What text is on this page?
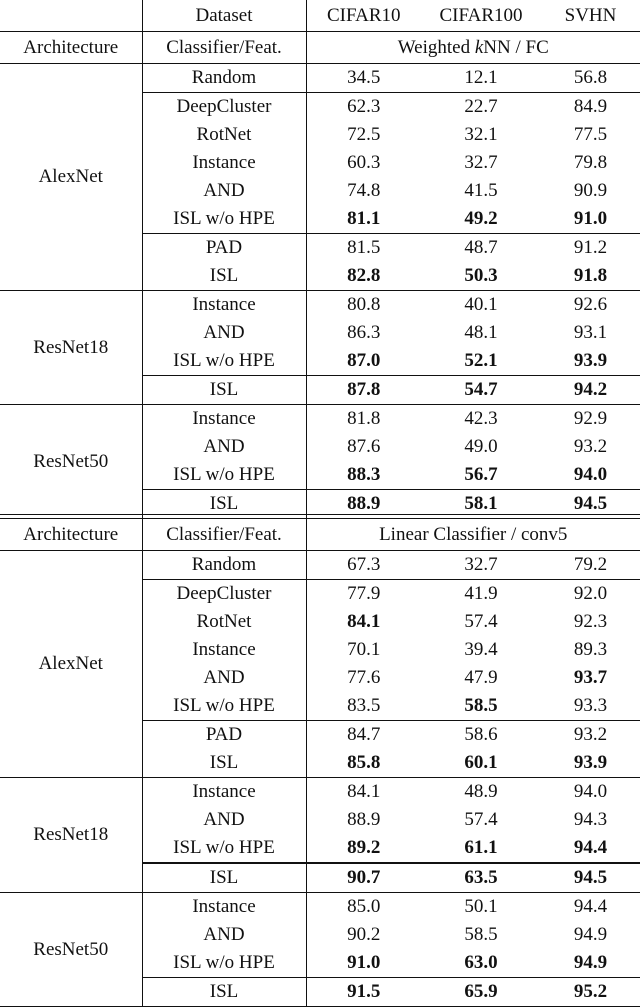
	Dataset	CIFAR10	CIFAR100	SVHN
Architecture	Classifier/Feat.	Weighted kNN / FC		
AlexNet	Random	34.5	12.1	56.8
	DeepCluster	62.3	22.7	84.9
	RotNet	72.5	32.1	77.5
	Instance	60.3	32.7	79.8
	AND	74.8	41.5	90.9
	ISL w/o HPE	81.1	49.2	91.0
	PAD	81.5	48.7	91.2
	ISL	82.8	50.3	91.8
ResNet18	Instance	80.8	40.1	92.6
	AND	86.3	48.1	93.1
	ISL w/o HPE	87.0	52.1	93.9
	ISL	87.8	54.7	94.2
ResNet50	Instance	81.8	42.3	92.9
	AND	87.6	49.0	93.2
	ISL w/o HPE	88.3	56.7	94.0
	ISL	88.9	58.1	94.5
Architecture	Classifier/Feat.	Linear Classifier / conv5		
AlexNet	Random	67.3	32.7	79.2
	DeepCluster	77.9	41.9	92.0
	RotNet	84.1	57.4	92.3
	Instance	70.1	39.4	89.3
	AND	77.6	47.9	93.7
	ISL w/o HPE	83.5	58.5	93.3
	PAD	84.7	58.6	93.2
	ISL	85.8	60.1	93.9
ResNet18	Instance	84.1	48.9	94.0
	AND	88.9	57.4	94.3
	ISL w/o HPE	89.2	61.1	94.4
	ISL	90.7	63.5	94.5
ResNet50	Instance	85.0	50.1	94.4
	AND	90.2	58.5	94.9
	ISL w/o HPE	91.0	63.0	94.9
	ISL	91.5	65.9	95.2
